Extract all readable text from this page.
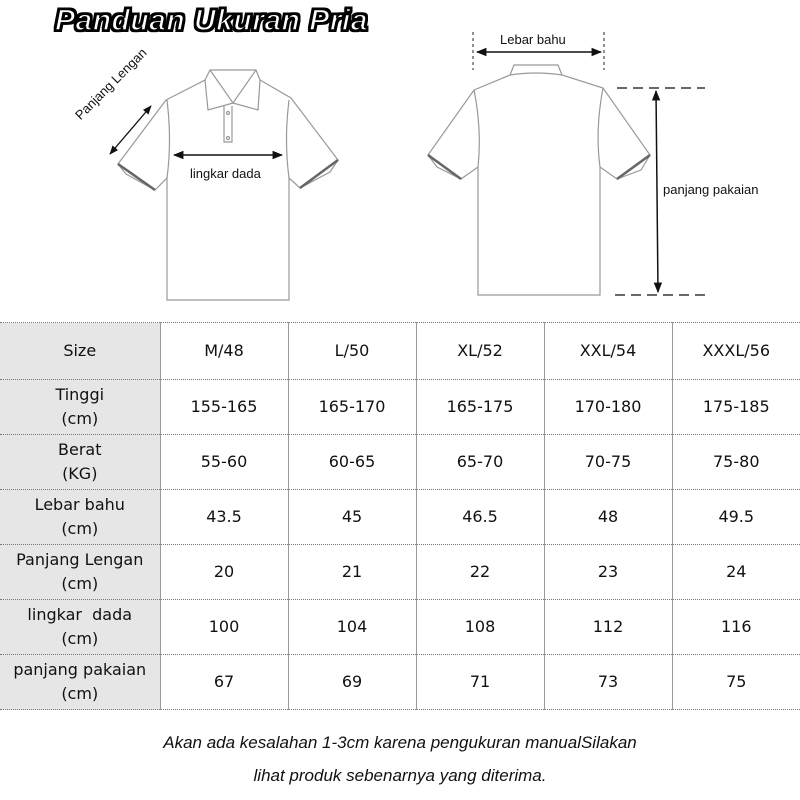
Panduan Ukuran Pria
Panjang Lengan
lingkar dada
Lebar bahu
panjang pakaian
Size	M/48	L/50	XL/52	XXL/54	XXXL/56

Tinggi
(cm)	155-165	165-170	165-175	170-180	175-185

Berat
(KG)	55-60	60-65	65-70	70-75	75-80

Lebar bahu
(cm)	43.5	45	46.5	48	49.5

Panjang Lengan
(cm)	20	21	22	23	24

lingkar  dada
(cm)	100	104	108	112	116

panjang pakaian
(cm)	67	69	71	73	75
Akan ada kesalahan 1-3cm karena pengukuran manualSilakan
lihat produk sebenarnya yang diterima.
